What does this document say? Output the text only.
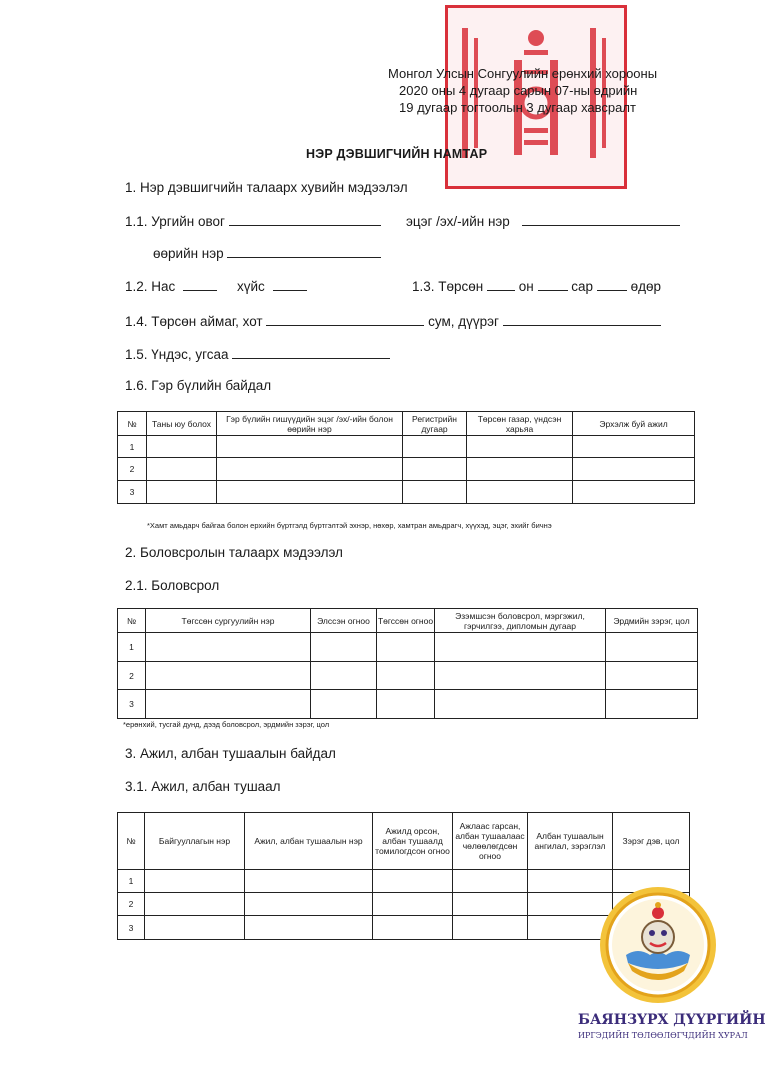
Монгол Улсын Сонгуулийн ерөнхий хорооны
2020 оны 4 дугаар сарын 07-ны өдрийн
19 дугаар тогтоолын 3 дугаар хавсралт
НЭР ДЭВШИГЧИЙН НАМТАР
1. Нэр дэвшигчийн талаарх хувийн мэдээлэл
1.1. Ургийн овог	эцэг /эх/-ийн нэр
өөрийн нэр
1.2. Нас	хүйс	1.3. Төрсөн	он	сар	өдөр
1.4. Төрсөн аймаг, хот	сум, дүүрэг
1.5. Үндэс, угсаа
1.6. Гэр бүлийн байдал
№	Таны юу болох	Гэр бүлийн гишүүдийн эцэг /эх/-ийн болон өөрийн нэр	Регистрийн дугаар	Төрсөн газар, үндсэн харьяа	Эрхэлж буй ажил
1					
2					
3					
*Хамт амьдарч байгаа болон ерхийн бүртгэлд бүртгэлтэй эхнэр, нөхөр, хамтран амьдрагч, хүүхэд, эцэг, эхийг бичнэ
2. Боловсролын талаарх мэдээлэл
2.1. Боловсрол
№	Төгссөн сургуулийн нэр	Элссэн огноо	Төгссөн огноо	Эзэмшсэн боловсрол, мэргэжил, гэрчилгээ, дипломын дугаар	Эрдмийн зэрэг, цол
1					
2					
3					
*ерөнхий, тусгай дунд, дээд боловсрол, эрдмийн зэрэг, цол
3. Ажил, албан тушаалын байдал
3.1. Ажил, албан тушаал
№	Байгууллагын нэр	Ажил, албан тушаалын нэр	Ажилд орсон, албан тушаалд томилогдсон огноо	Ажлаас гарсан, албан тушаалаас чөлөөлөгдсөн огноо	Албан тушаалын ангилал, зэрэглэл	Зэрэг дэв, цол
1						
2						
3						
БАЯНЗҮРХ ДҮҮРГИЙН
ИРГЭДИЙН ТӨЛӨӨЛӨГЧДИЙН ХУРАЛ
